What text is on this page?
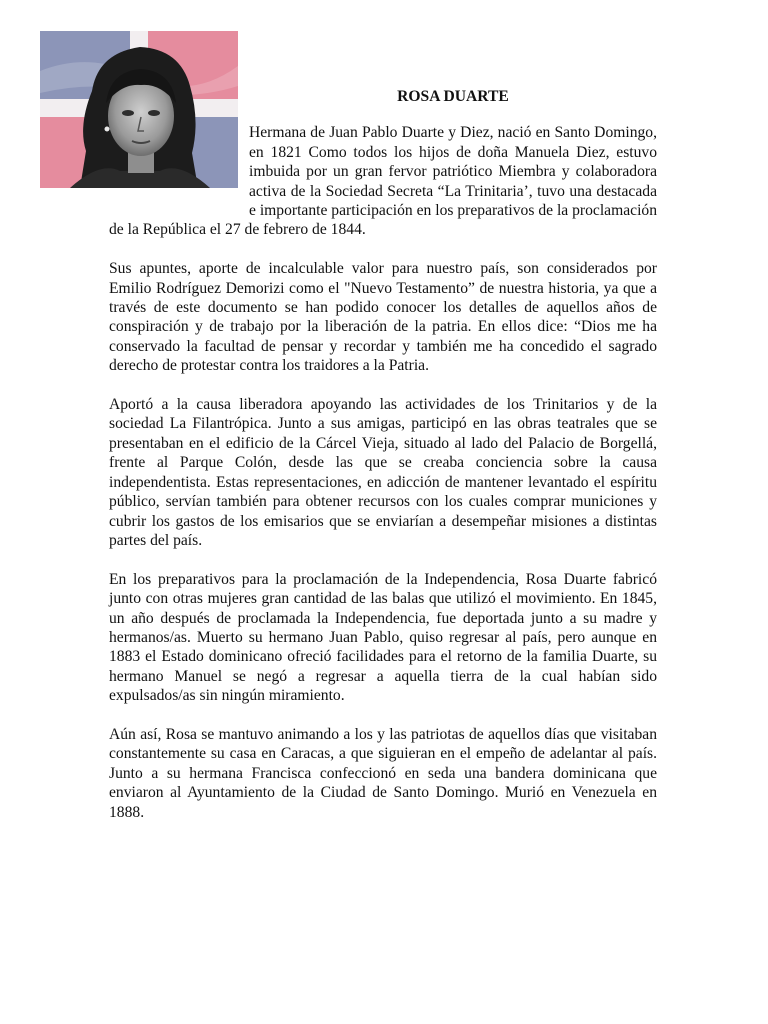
ROSA DUARTE

Hermana de Juan Pablo Duarte y Diez, nació en Santo Domingo, en 1821 Como todos los hijos de doña Manuela Diez, estuvo imbuida por un gran fervor patriótico Miembra y colaboradora activa de la Sociedad Secreta “La Trinitaria’, tuvo una destacada e importante participación en los preparativos de la proclamación de la República el 27 de febrero de 1844.

Sus apuntes, aporte de incalculable valor para nuestro país, son considerados por Emilio Rodríguez Demorizi como el "Nuevo Testamento” de nuestra historia, ya que a través de este documento se han podido conocer los detalles de aquellos años de conspiración y de trabajo por la liberación de la patria. En ellos dice: “Dios me ha conservado la facultad de pensar y recordar y también me ha concedido el sagrado derecho de protestar contra los traidores a la Patria.

Aportó a la causa liberadora apoyando las actividades de los Trinitarios y de la sociedad La Filantrópica. Junto a sus amigas, participó en las obras teatrales que se presentaban en el edificio de la Cárcel Vieja, situado al lado del Palacio de Borgellá, frente al Parque Colón, desde las que se creaba conciencia sobre la causa independentista. Estas representaciones, en adicción de mantener levantado el espíritu público, servían también para obtener recursos con los cuales comprar municiones y cubrir los gastos de los emisarios que se enviarían a desempeñar misiones a distintas partes del país.

En los preparativos para la proclamación de la Independencia, Rosa Duarte fabricó junto con otras mujeres gran cantidad de las balas que utilizó el movimiento. En 1845, un año después de proclamada la Independencia, fue deportada junto a su madre y hermanos/as. Muerto su hermano Juan Pablo, quiso regresar al país, pero aunque en 1883 el Estado dominicano ofreció facilidades para el retorno de la familia Duarte, su hermano Manuel se negó a regresar a aquella tierra de la cual habían sido expulsados/as sin ningún miramiento.

Aún así, Rosa se mantuvo animando a los y las patriotas de aquellos días que visitaban constantemente su casa en Caracas, a que siguieran en el empeño de adelantar al país. Junto a su hermana Francisca confeccionó en seda una bandera dominicana que enviaron al Ayuntamiento de la Ciudad de Santo Domingo. Murió en Venezuela en 1888.
